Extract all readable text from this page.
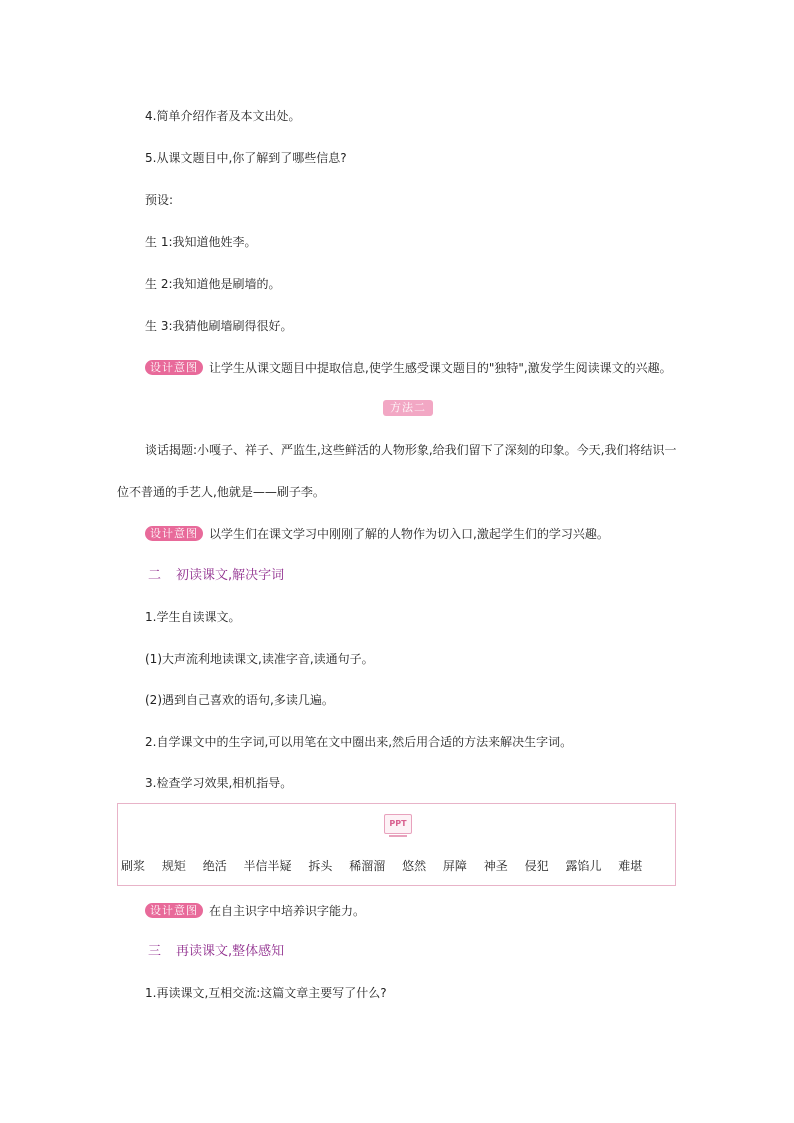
4.简单介绍作者及本文出处。
5.从课文题目中,你了解到了哪些信息?
预设:
生 1:我知道他姓李。
生 2:我知道他是刷墙的。
生 3:我猜他刷墙刷得很好。
设计意图 让学生从课文题目中提取信息,使学生感受课文题目的"独特",激发学生阅读课文的兴趣。
方法二
谈话揭题:小嘎子、祥子、严监生,这些鲜活的人物形象,给我们留下了深刻的印象。今天,我们将结识一
位不普通的手艺人,他就是——刷子李。
设计意图 以学生们在课文学习中刚刚了解的人物作为切入口,激起学生们的学习兴趣。
二 初读课文,解决字词
1.学生自读课文。
(1)大声流利地读课文,读准字音,读通句子。
(2)遇到自己喜欢的语句,多读几遍。
2.自学课文中的生字词,可以用笔在文中圈出来,然后用合适的方法来解决生字词。
3.检查学习效果,相机指导。
PPT
刷浆 规矩 绝活 半信半疑 拆头 稀溜溜 悠然 屏障 神圣 侵犯 露馅儿 难堪
设计意图 在自主识字中培养识字能力。
三 再读课文,整体感知
1.再读课文,互相交流:这篇文章主要写了什么?
